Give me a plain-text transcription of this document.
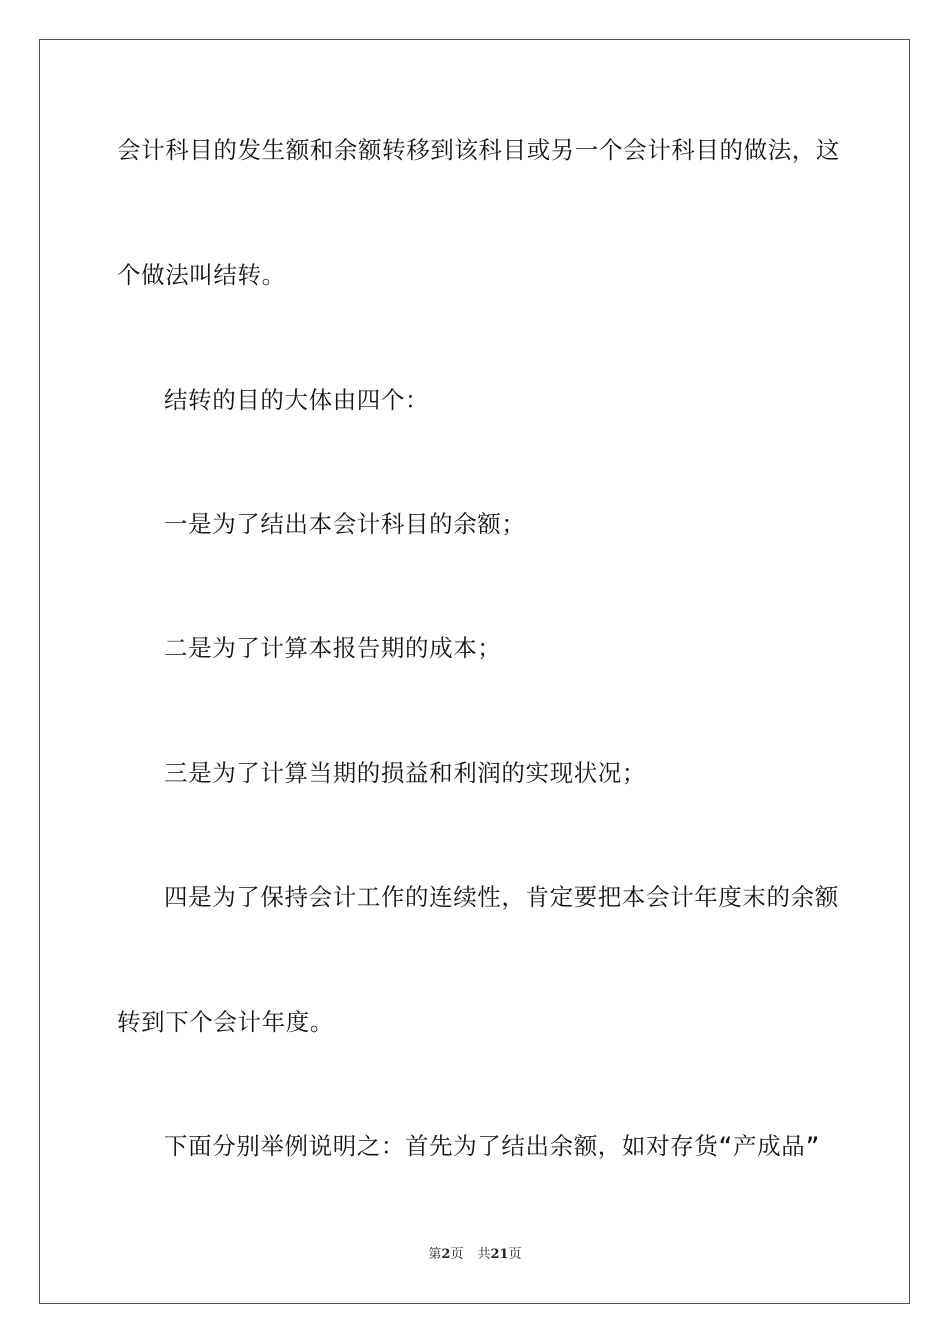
会计科目的发生额和余额转移到该科目或另一个会计科目的做法，这
个做法叫结转。
结转的目的大体由四个：
一是为了结出本会计科目的余额；
二是为了计算本报告期的成本；
三是为了计算当期的损益和利润的实现状况；
四是为了保持会计工作的连续性，肯定要把本会计年度末的余额
转到下个会计年度。
下面分别举例说明之：首先为了结出余额，如对存货“产成品”
第2页 共21页
